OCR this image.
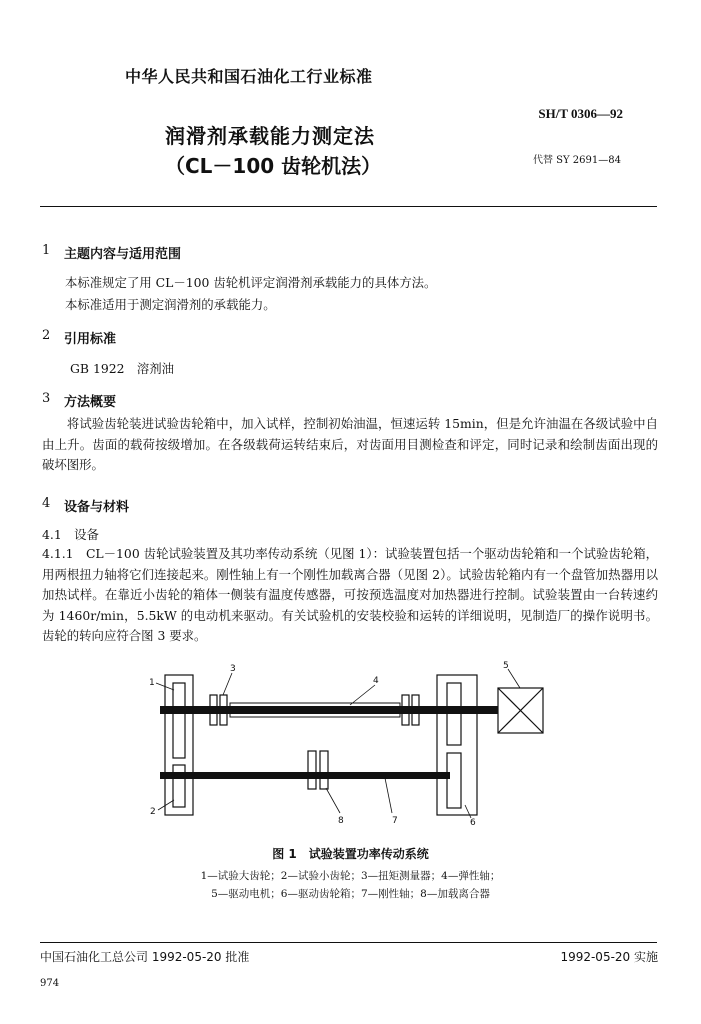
中华人民共和国石油化工行业标准
SH/T 0306—92
润滑剂承载能力测定法
（CL－100 齿轮机法）	代替 SY 2691—84
1 主题内容与适用范围
本标准规定了用 CL－100 齿轮机评定润滑剂承载能力的具体方法。
本标准适用于测定润滑剂的承载能力。
2 引用标准
GB 1922　溶剂油
3 方法概要
　　将试验齿轮装进试验齿轮箱中，加入试样，控制初始油温，恒速运转 15min，但是允许油温在各级试验中自由上升。齿面的载荷按级增加。在各级载荷运转结束后，对齿面用目测检查和评定，同时记录和绘制齿面出现的破坏图形。
4 设备与材料
4.1　设备
4.1.1　CL－100 齿轮试验装置及其功率传动系统（见图 1）：试验装置包括一个驱动齿轮箱和一个试验齿轮箱，用两根扭力轴将它们连接起来。刚性轴上有一个刚性加载离合器（见图 2）。试验齿轮箱内有一个盘管加热器用以加热试样。在靠近小齿轮的箱体一侧装有温度传感器，可按预选温度对加热器进行控制。试验装置由一台转速约为 1460r/min，5.5kW 的电动机来驱动。有关试验机的安装校验和运转的详细说明，见制造厂的操作说明书。齿轮的转向应符合图 3 要求。
1
2
3
4
5
6
7
8
图 1　试验装置功率传动系统
1—试验大齿轮；2—试验小齿轮；3—扭矩测量器；4—弹性轴；
5—驱动电机；6—驱动齿轮箱；7—刚性轴；8—加载离合器
中国石油化工总公司 1992-05-20 批准	1992-05-20 实施
974
